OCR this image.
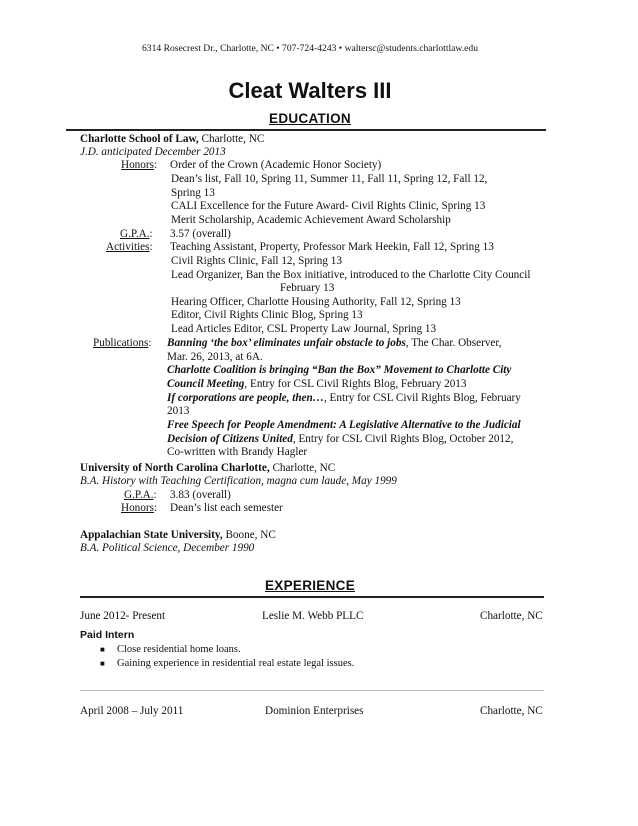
6314 Rosecrest Dr., Charlotte, NC • 707-724-4243 • waltersc@students.charlottlaw.edu
Cleat Walters III
EDUCATION
Charlotte School of Law, Charlotte, NC
J.D. anticipated December 2013
Honors: Order of the Crown (Academic Honor Society)
Dean’s list, Fall 10, Spring 11, Summer 11, Fall 11, Spring 12, Fall 12,
Spring 13
CALI Excellence for the Future Award- Civil Rights Clinic, Spring 13
Merit Scholarship, Academic Achievement Award Scholarship
G.P.A.: 3.57 (overall)
Activities: Teaching Assistant, Property, Professor Mark Heekin, Fall 12, Spring 13
Civil Rights Clinic, Fall 12, Spring 13
Lead Organizer, Ban the Box initiative, introduced to the Charlotte City Council
February 13
Hearing Officer, Charlotte Housing Authority, Fall 12, Spring 13
Editor, Civil Rights Clinic Blog, Spring 13
Lead Articles Editor, CSL Property Law Journal, Spring 13
Publications: Banning ‘the box’ eliminates unfair obstacle to jobs, The Char. Observer,
Mar. 26, 2013, at 6A.
Charlotte Coalition is bringing “Ban the Box” Movement to Charlotte City
Council Meeting, Entry for CSL Civil Rights Blog, February 2013
If corporations are people, then…, Entry for CSL Civil Rights Blog, February
2013
Free Speech for People Amendment: A Legislative Alternative to the Judicial
Decision of Citizens United, Entry for CSL Civil Rights Blog, October 2012,
Co-written with Brandy Hagler
University of North Carolina Charlotte, Charlotte, NC
B.A. History with Teaching Certification, magna cum laude, May 1999
G.P.A.: 3.83 (overall)
Honors: Dean’s list each semester
Appalachian State University, Boone, NC
B.A. Political Science, December 1990
EXPERIENCE
June 2012- Present	Leslie M. Webb PLLC	Charlotte, NC
Paid Intern
■ Close residential home loans.
■ Gaining experience in residential real estate legal issues.
April 2008 – July 2011	Dominion Enterprises	Charlotte, NC
